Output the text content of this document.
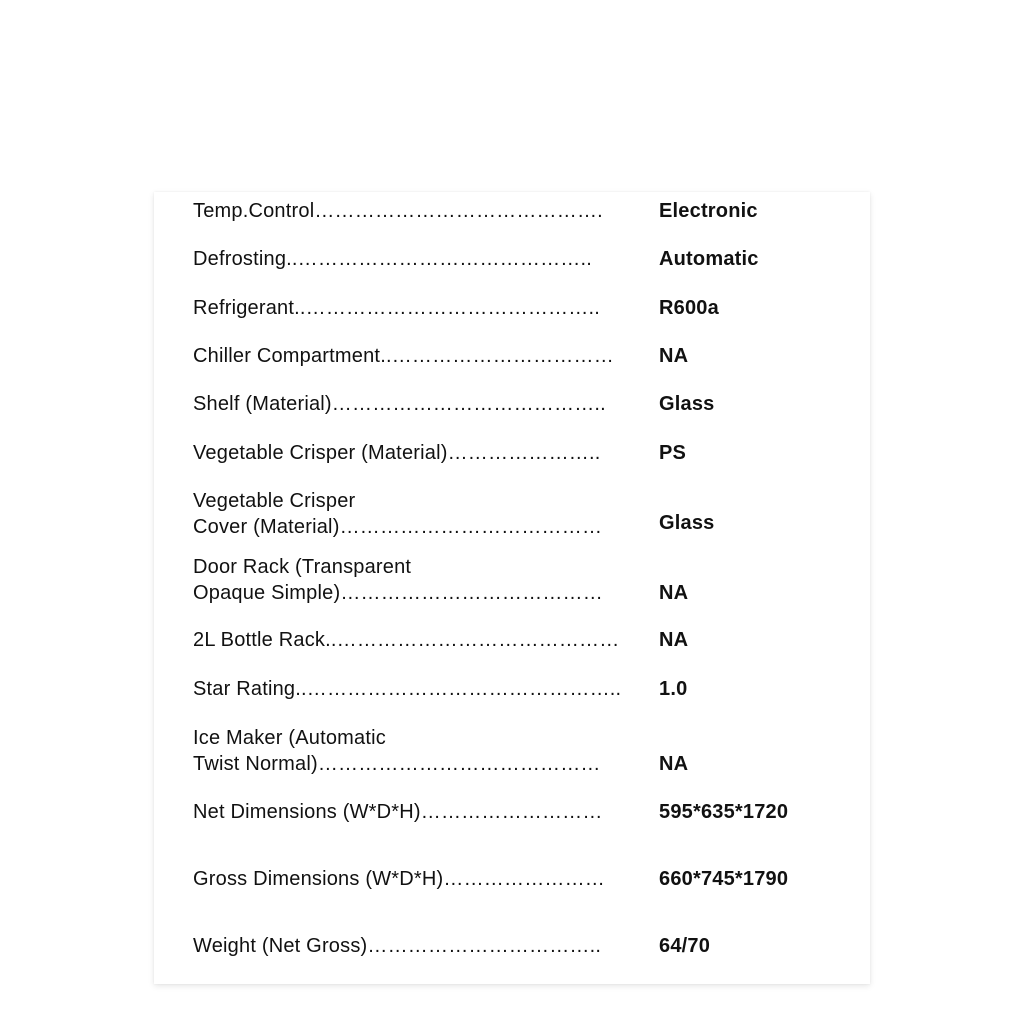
Temp.Control…………………………………….	Electronic
Defrosting..……………………………………..	Automatic
Refrigerant..……………………………………..	R600a
Chiller Compartment..…………………………… NA
Shelf (Material)…………………………………..	Glass
Vegetable Crisper (Material)…………………..	PS
Vegetable Crisper
Cover (Material)…………………………………	Glass
Door Rack (Transparent
Opaque Simple)…………………………………	NA
2L Bottle Rack..…………………………………… NA
Star Rating..……………………………………….. 1.0
Ice Maker (Automatic
Twist Normal)……………………………………	NA
Net Dimensions (W*D*H)………………………	595*635*1720
Gross Dimensions (W*D*H)……………………	660*745*1790
Weight (Net Gross)……………………………..	64/70
